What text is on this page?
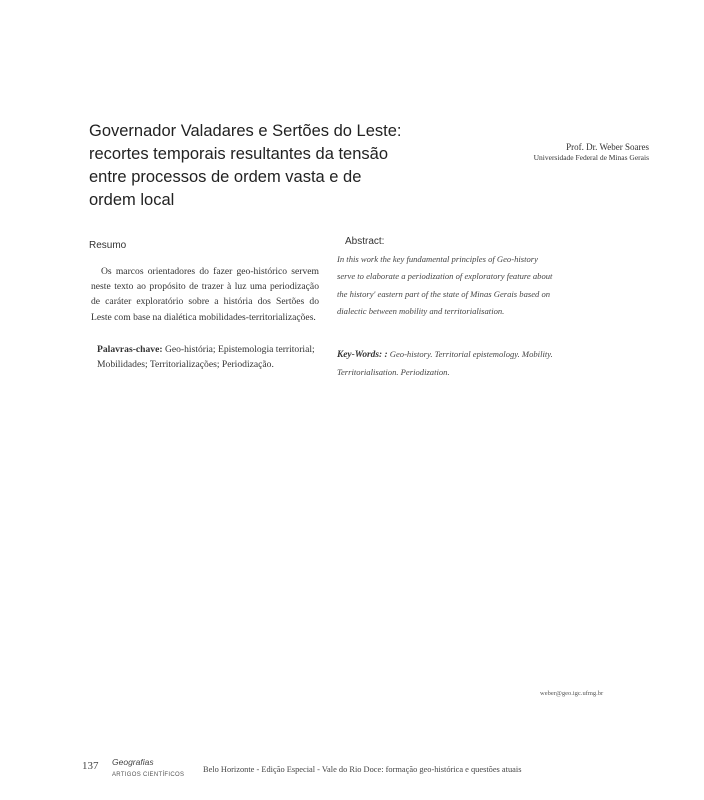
Governador Valadares e Sertões do Leste:
recortes temporais resultantes da tensão
entre processos de ordem vasta e de
ordem local
Prof. Dr. Weber Soares
Universidade Federal de Minas Gerais
Resumo

Os marcos orientadores do fazer geo-histórico servem neste texto ao propósito de trazer à luz uma periodização de caráter exploratório sobre a história dos Sertões do Leste com base na dialética mobilidades-territorializações.

Palavras-chave: Geo-história; Epistemologia territorial; Mobilidades; Territorializações; Periodização.

Abstract:
In this work the key fundamental principles of Geo-history
serve to elaborate a periodization of exploratory feature about
the history' eastern part of the state of Minas Gerais based on
dialectic between mobility and territorialisation.

Key-Words: : Geo-history. Territorial epistemology. Mobility. Territorialisation. Periodization.

weber@geo.igc.ufmg.br
137 Geografias
ARTIGOS CIENTÍFICOS
Belo Horizonte - Edição Especial - Vale do Rio Doce: formação geo-histórica e questões atuais
